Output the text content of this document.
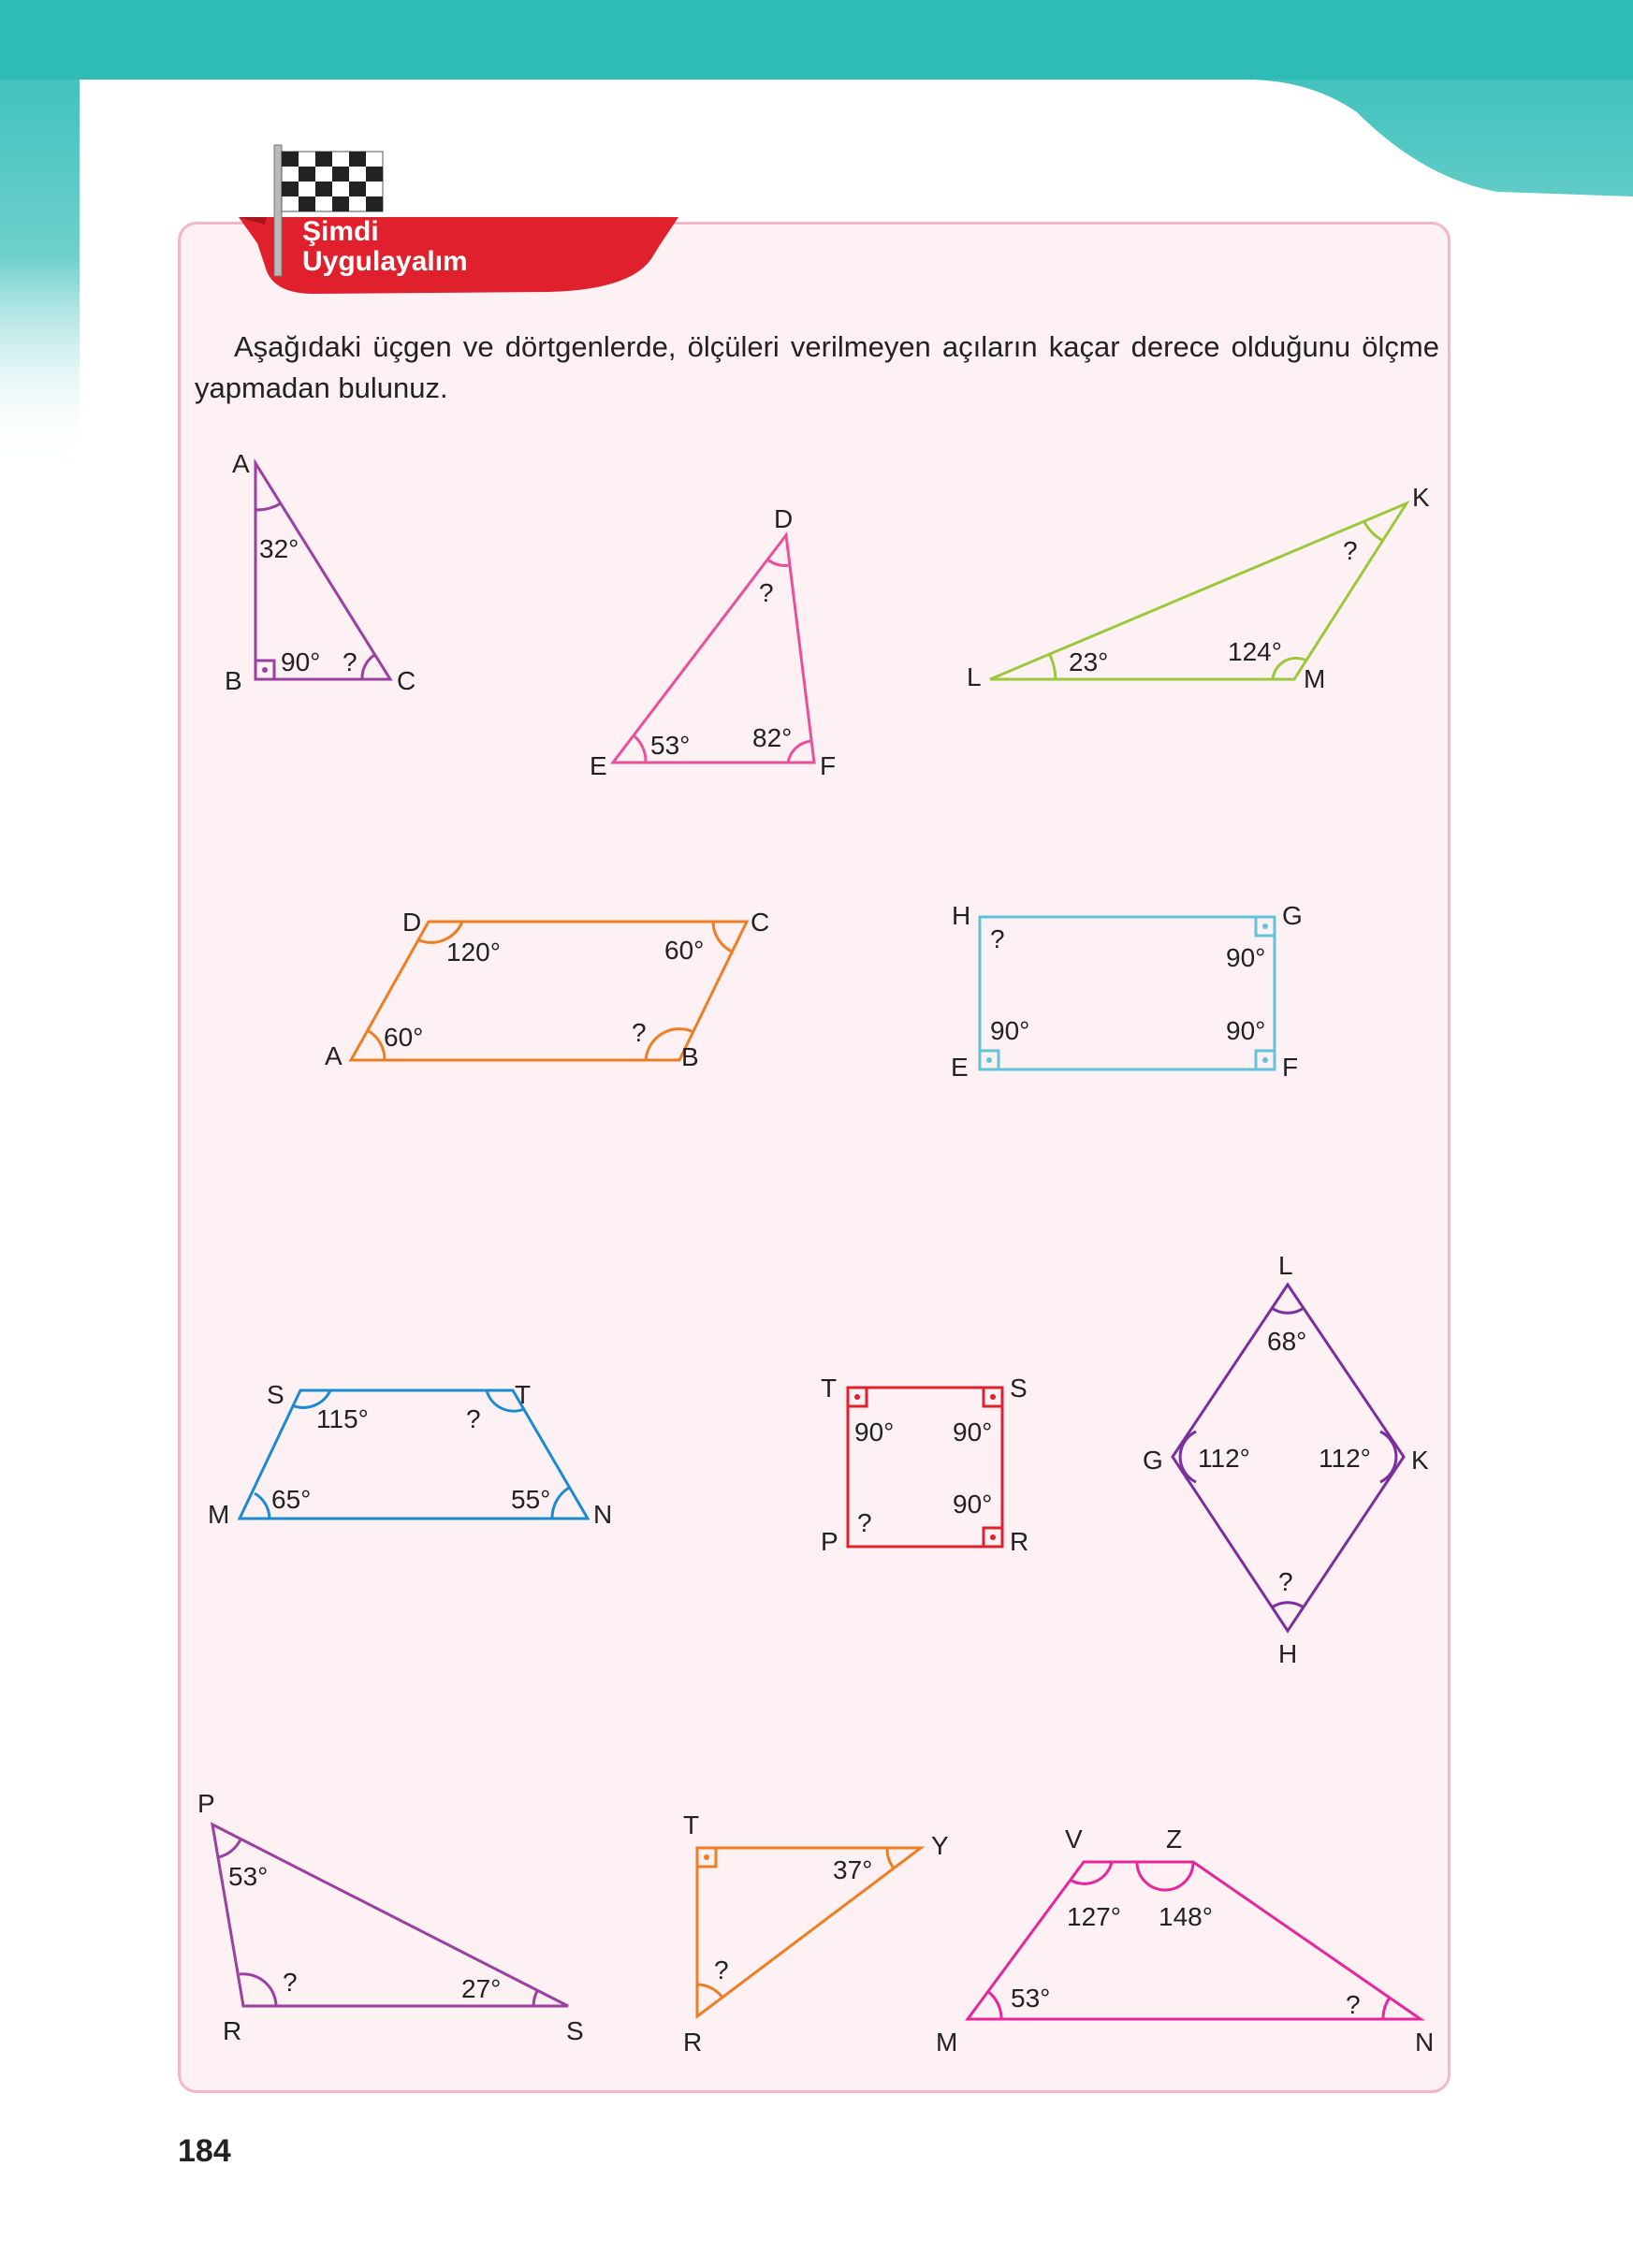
Şimdi
Uygulayalım
Aşağıdaki üçgen ve dörtgenlerde, ölçüleri verilmeyen açıların kaçar derece olduğunu ölçme yapmadan bulunuz.
A
B	C
32°
90° ?
D
E	F
?
53° 82°
K
L	M
?
23°	124°
A	B
C
D
60°	?
60°
120°
E	F
G
H
90°	90°
90°
?
M	N
T
S
65°	55°
?
115°
T	S
P	R
90° 90°
90°
?
L
G	K
H
68°
112°	112°
?
P
R	S
53°
?	27°
T
R
Y
37°
?
V	Z
M	N
127° 148°
53°	?
184
